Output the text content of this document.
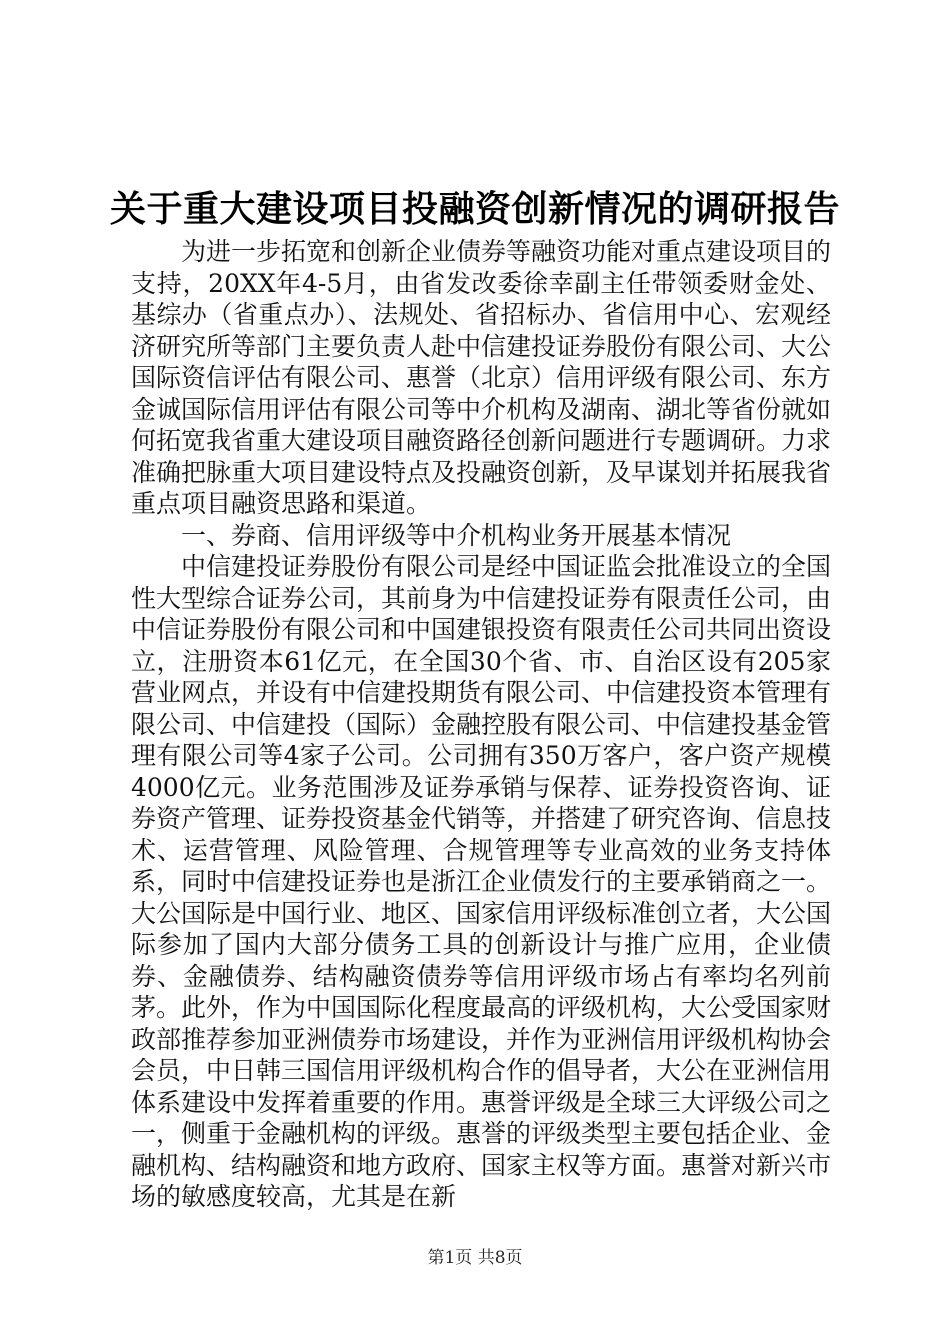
关于重大建设项目投融资创新情况的调研报告

为进一步拓宽和创新企业债券等融资功能对重点建设项目的支持，20XX年4-5月，由省发改委徐幸副主任带领委财金处、基综办（省重点办）、法规处、省招标办、省信用中心、宏观经济研究所等部门主要负责人赴中信建投证券股份有限公司、大公国际资信评估有限公司、惠誉（北京）信用评级有限公司、东方金诚国际信用评估有限公司等中介机构及湖南、湖北等省份就如何拓宽我省重大建设项目融资路径创新问题进行专题调研。力求准确把脉重大项目建设特点及投融资创新，及早谋划并拓展我省重点项目融资思路和渠道。

一、券商、信用评级等中介机构业务开展基本情况

中信建投证券股份有限公司是经中国证监会批准设立的全国性大型综合证券公司，其前身为中信建投证券有限责任公司，由中信证券股份有限公司和中国建银投资有限责任公司共同出资设立，注册资本61亿元，在全国30个省、市、自治区设有205家营业网点，并设有中信建投期货有限公司、中信建投资本管理有限公司、中信建投（国际）金融控股有限公司、中信建投基金管理有限公司等4家子公司。公司拥有350万客户，客户资产规模4000亿元。业务范围涉及证券承销与保荐、证券投资咨询、证券资产管理、证券投资基金代销等，并搭建了研究咨询、信息技术、运营管理、风险管理、合规管理等专业高效的业务支持体系，同时中信建投证券也是浙江企业债发行的主要承销商之一。大公国际是中国行业、地区、国家信用评级标准创立者，大公国际参加了国内大部分债务工具的创新设计与推广应用，企业债券、金融债券、结构融资债券等信用评级市场占有率均名列前茅。此外，作为中国国际化程度最高的评级机构，大公受国家财政部推荐参加亚洲债券市场建设，并作为亚洲信用评级机构协会会员，中日韩三国信用评级机构合作的倡导者，大公在亚洲信用体系建设中发挥着重要的作用。惠誉评级是全球三大评级公司之一，侧重于金融机构的评级。惠誉的评级类型主要包括企业、金融机构、结构融资和地方政府、国家主权等方面。惠誉对新兴市场的敏感度较高，尤其是在新

第1页 共8页
